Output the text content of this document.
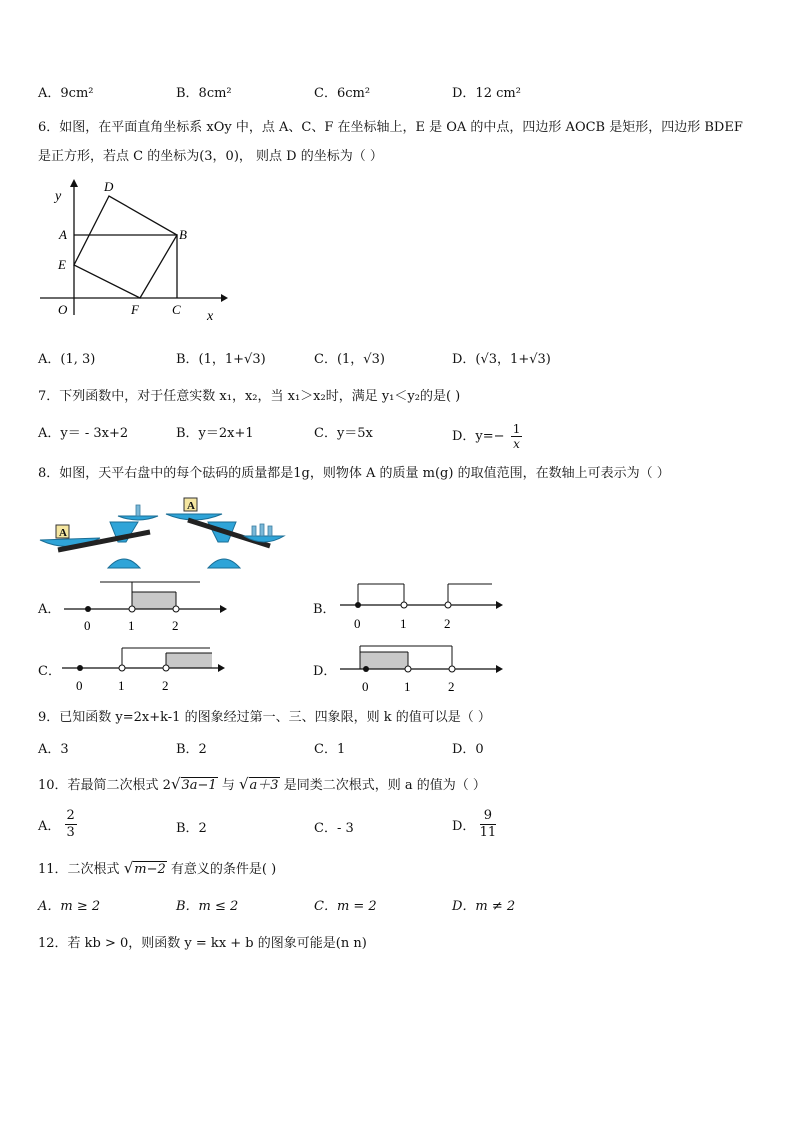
A．9cm²	B．8cm²	C．6cm²	D．12 cm²
6．如图，在平面直角坐标系 xOy 中，点 A、C、F 在坐标轴上，E 是 OA 的中点，四边形 AOCB 是矩形，四边形 BDEF
是正方形，若点 C 的坐标为(3，0)， 则点 D 的坐标为（ ）
y
D
A	B
E
O	F	C x
A．(1, 3)	B．(1，1+√3)	C．(1，√3)	D．(√3，1+√3)
7．下列函数中，对于任意实数 x₁，x₂，当 x₁＞x₂时，满足 y₁＜y₂的是( )
A．y＝ - 3x+2	B．y＝2x+1	C．y＝5x	D．$y=- \frac{1}{x}$
8．如图，天平右盘中的每个砝码的质量都是1g，则物体 A 的质量 m(g) 的取值范围，在数轴上可表示为（ ）
A
A
A．
0	1	2
B．
0	1	2
C．
0	1	2
D．
0	1	2
9．已知函数 y=2x+k-1 的图象经过第一、三、四象限，则 k 的值可以是（ ）
A．3	B．2	C．1	D．0
10．若最简二次根式 2√3a−1 与 √a＋3 是同类二次根式，则 a 的值为（ ）
A． $\frac{2}{3}$	B．2	C．- 3	D． $\frac{9}{11}$
11．二次根式 √m−2 有意义的条件是( )
A．m ≥ 2	B．m ≤ 2	C．m = 2	D．m ≠ 2
12．若 kb > 0，则函数 y = kx + b 的图象可能是(n n)
